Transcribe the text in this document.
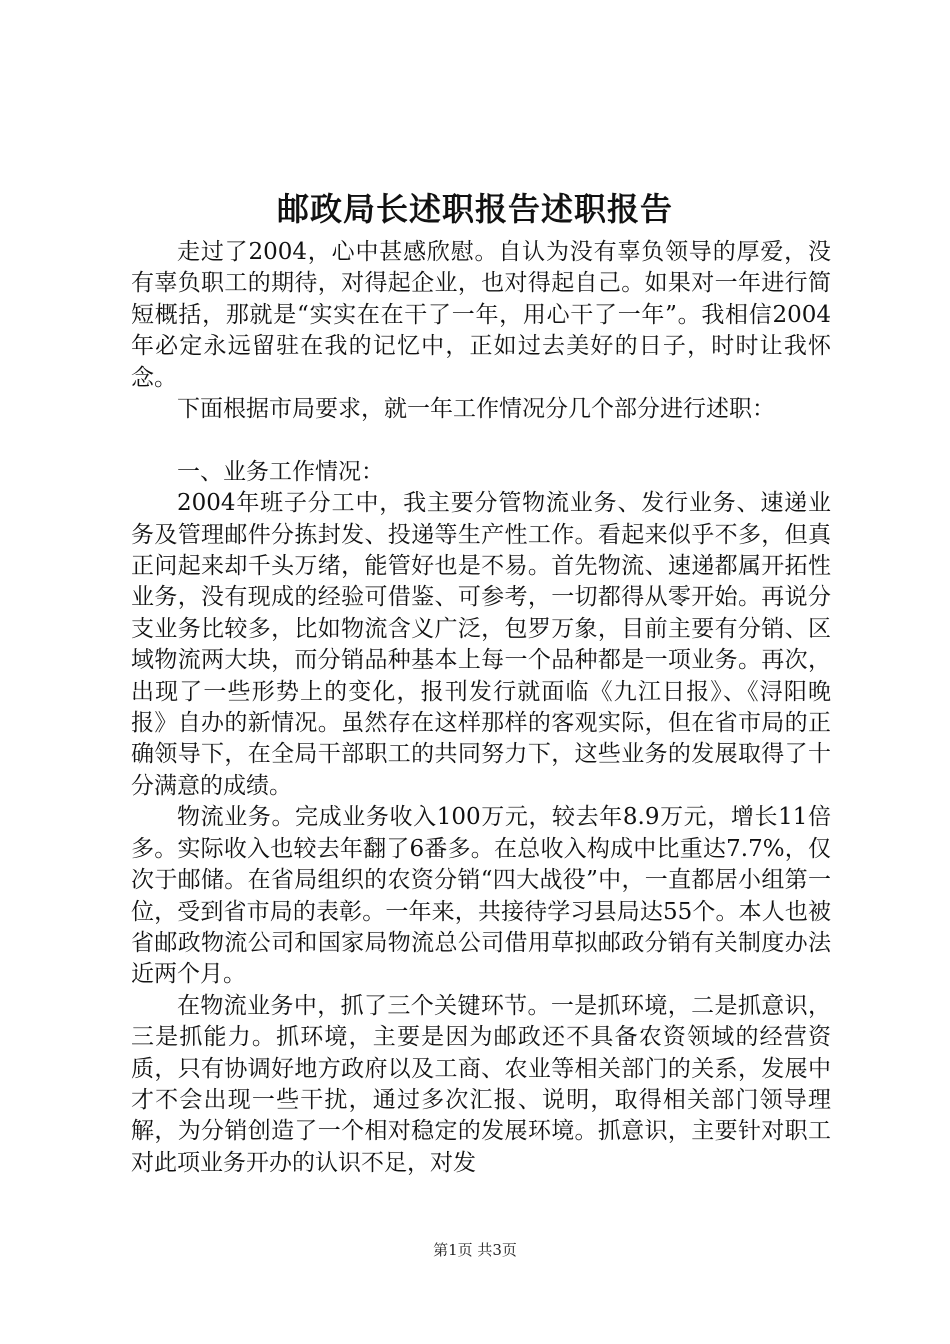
邮政局长述职报告述职报告

走过了2004，心中甚感欣慰。自认为没有辜负领导的厚爱，没有辜负职工的期待，对得起企业，也对得起自己。如果对一年进行简短概括，那就是“实实在在干了一年，用心干了一年”。我相信2004年必定永远留驻在我的记忆中，正如过去美好的日子，时时让我怀念。

下面根据市局要求，就一年工作情况分几个部分进行述职：

一、业务工作情况：

2004年班子分工中，我主要分管物流业务、发行业务、速递业务及管理邮件分拣封发、投递等生产性工作。看起来似乎不多，但真正问起来却千头万绪，能管好也是不易。首先物流、速递都属开拓性业务，没有现成的经验可借鉴、可参考，一切都得从零开始。再说分支业务比较多，比如物流含义广泛，包罗万象，目前主要有分销、区域物流两大块，而分销品种基本上每一个品种都是一项业务。再次，出现了一些形势上的变化，报刊发行就面临《九江日报》、《浔阳晚报》自办的新情况。虽然存在这样那样的客观实际，但在省市局的正确领导下，在全局干部职工的共同努力下，这些业务的发展取得了十分满意的成绩。

物流业务。完成业务收入100万元，较去年8.9万元，增长11倍多。实际收入也较去年翻了6番多。在总收入构成中比重达7.7%，仅次于邮储。在省局组织的农资分销“四大战役”中，一直都居小组第一位，受到省市局的表彰。一年来，共接待学习县局达55个。本人也被省邮政物流公司和国家局物流总公司借用草拟邮政分销有关制度办法近两个月。

在物流业务中，抓了三个关键环节。一是抓环境，二是抓意识，三是抓能力。抓环境，主要是因为邮政还不具备农资领域的经营资质，只有协调好地方政府以及工商、农业等相关部门的关系，发展中才不会出现一些干扰，通过多次汇报、说明，取得相关部门领导理解，为分销创造了一个相对稳定的发展环境。抓意识，主要针对职工对此项业务开办的认识不足，对发

第1页 共3页
